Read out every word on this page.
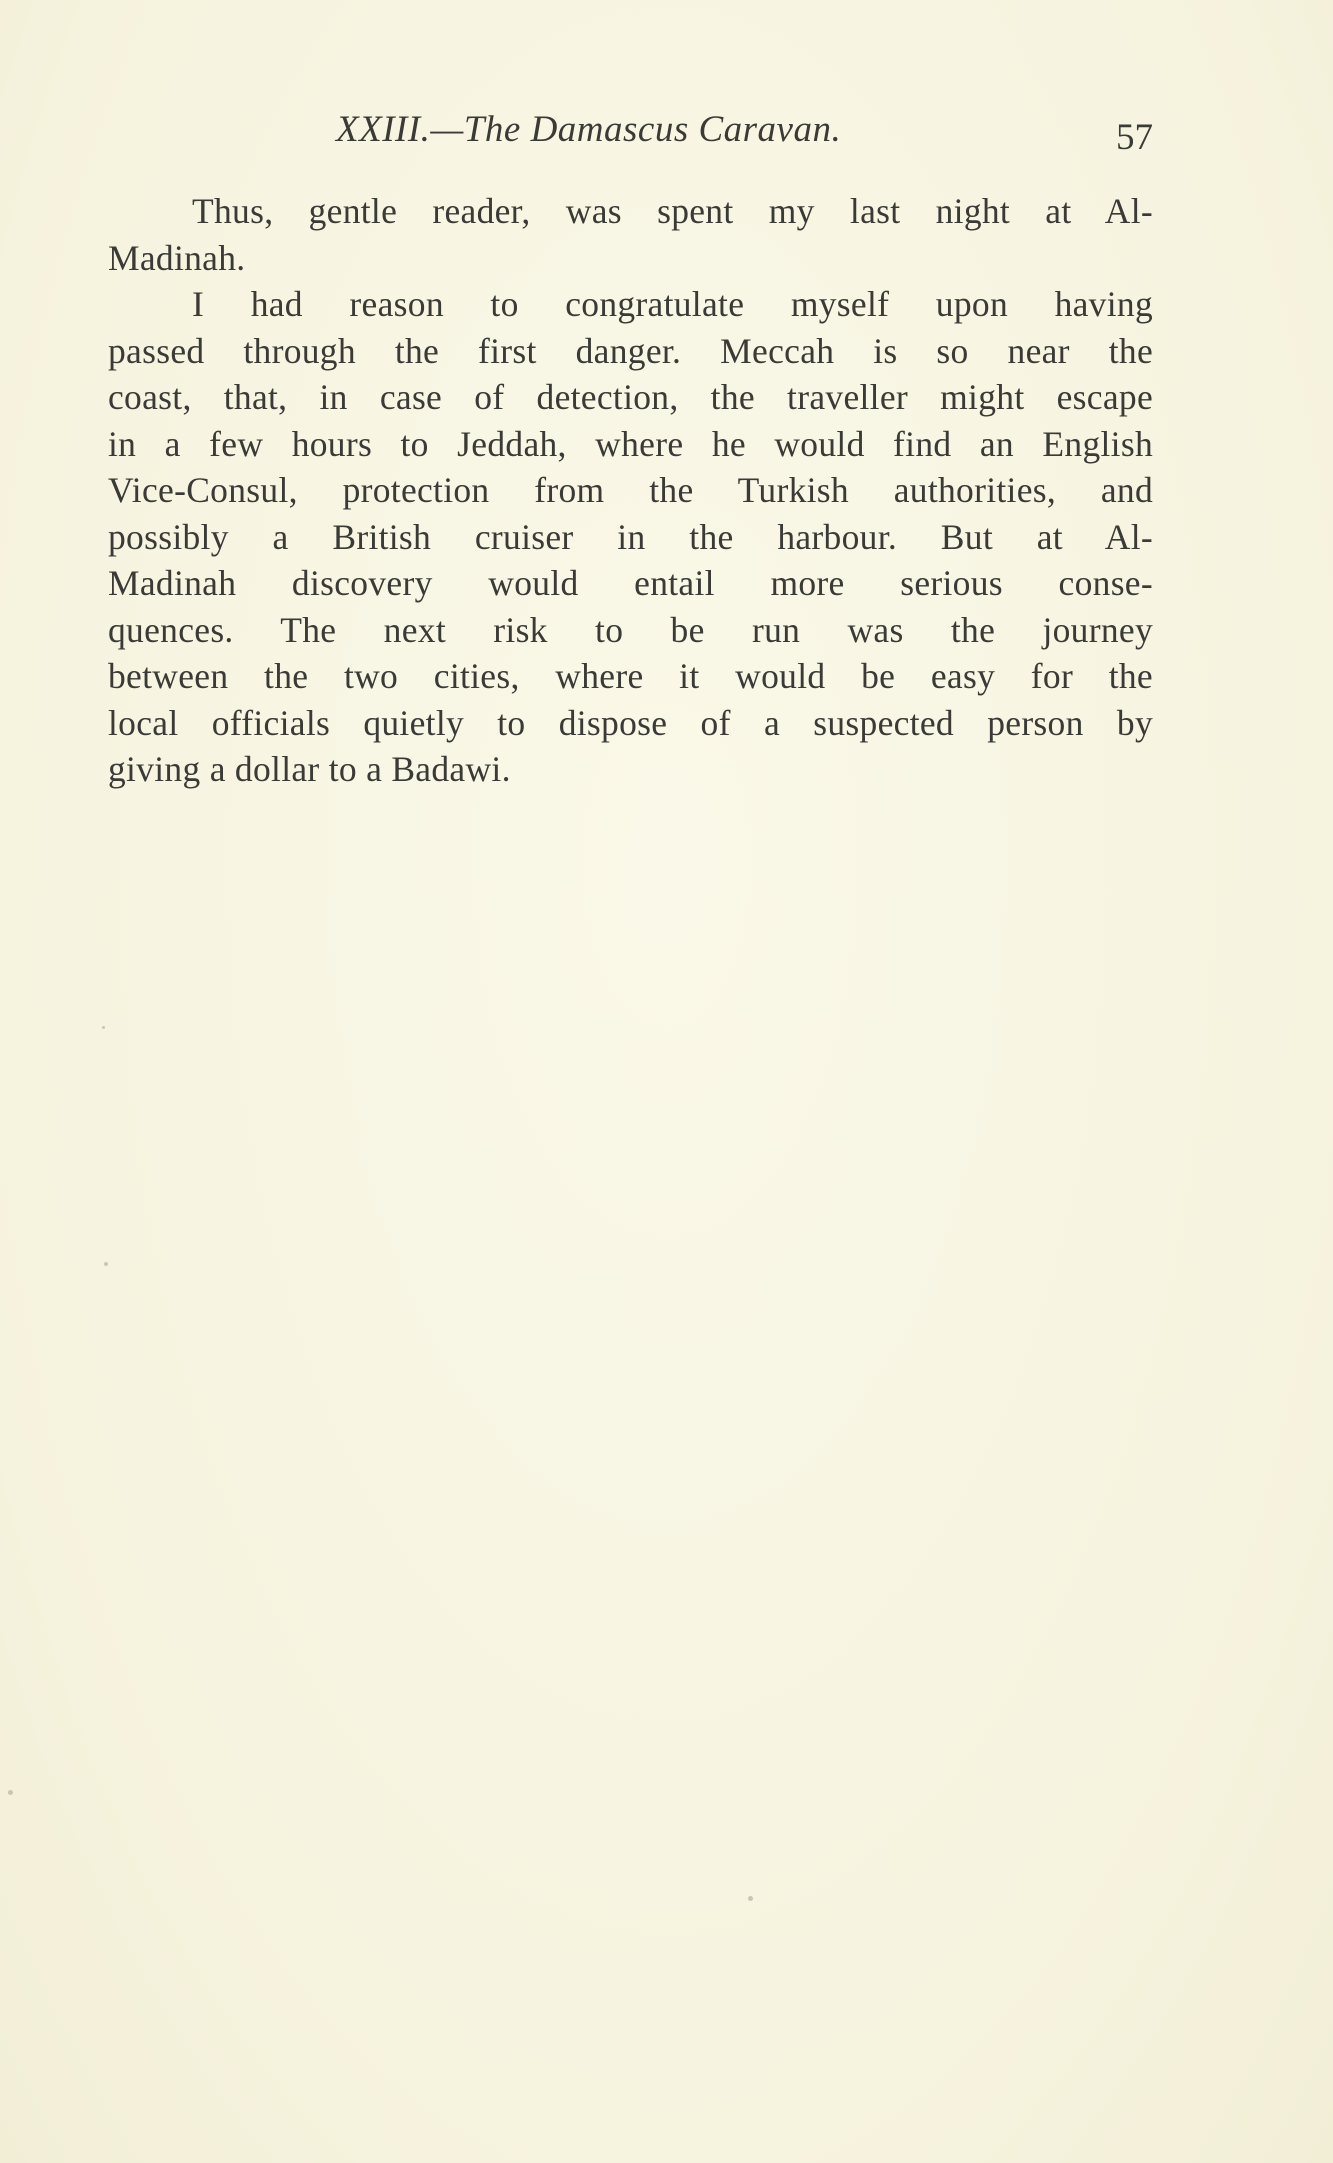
XXIII.—The Damascus Caravan.	57
Thus, gentle reader, was spent my last night at Al-
Madinah.
I had reason to congratulate myself upon having
passed through the first danger. Meccah is so near the
coast, that, in case of detection, the traveller might escape
in a few hours to Jeddah, where he would find an English
Vice-Consul, protection from the Turkish authorities, and
possibly a British cruiser in the harbour. But at Al-
Madinah discovery would entail more serious conse-
quences. The next risk to be run was the journey
between the two cities, where it would be easy for the
local officials quietly to dispose of a suspected person by
giving a dollar to a Badawi.
